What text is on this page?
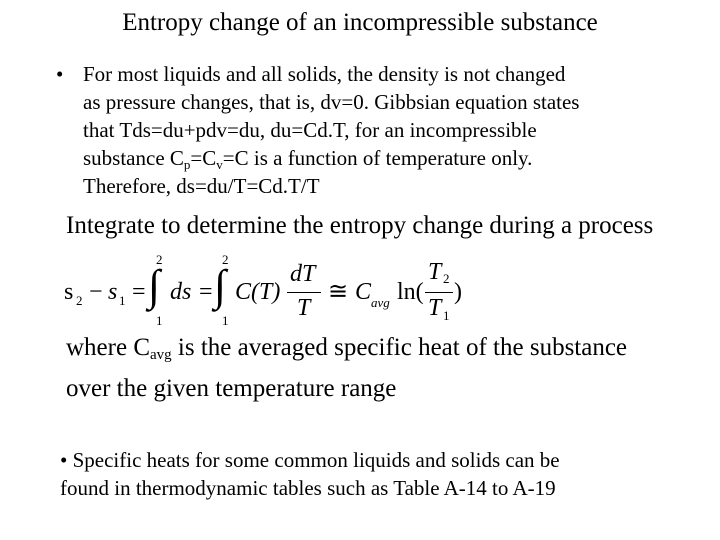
Entropy change of an incompressible substance
• For most liquids and all solids, the density is not changed
as pressure changes, that is, dv=0. Gibbsian equation states
that Tds=du+pdv=du, du=Cd.T, for an incompressible
substance $C_p=C_v=C$ is a function of temperature only.
Therefore, ds=du/T=Cd.T/T
Integrate to determine the entropy change during a process
s 2 − s 1 =
2
∫
1
ds =
2
∫
1
C(T)
dT
T
≅ C avg ln(
T 2
T 1
)
where $C_{avg}$ is the averaged specific heat of the substance
over the given temperature range
• Specific heats for some common liquids and solids can be
found in thermodynamic tables such as Table A-14 to A-19
